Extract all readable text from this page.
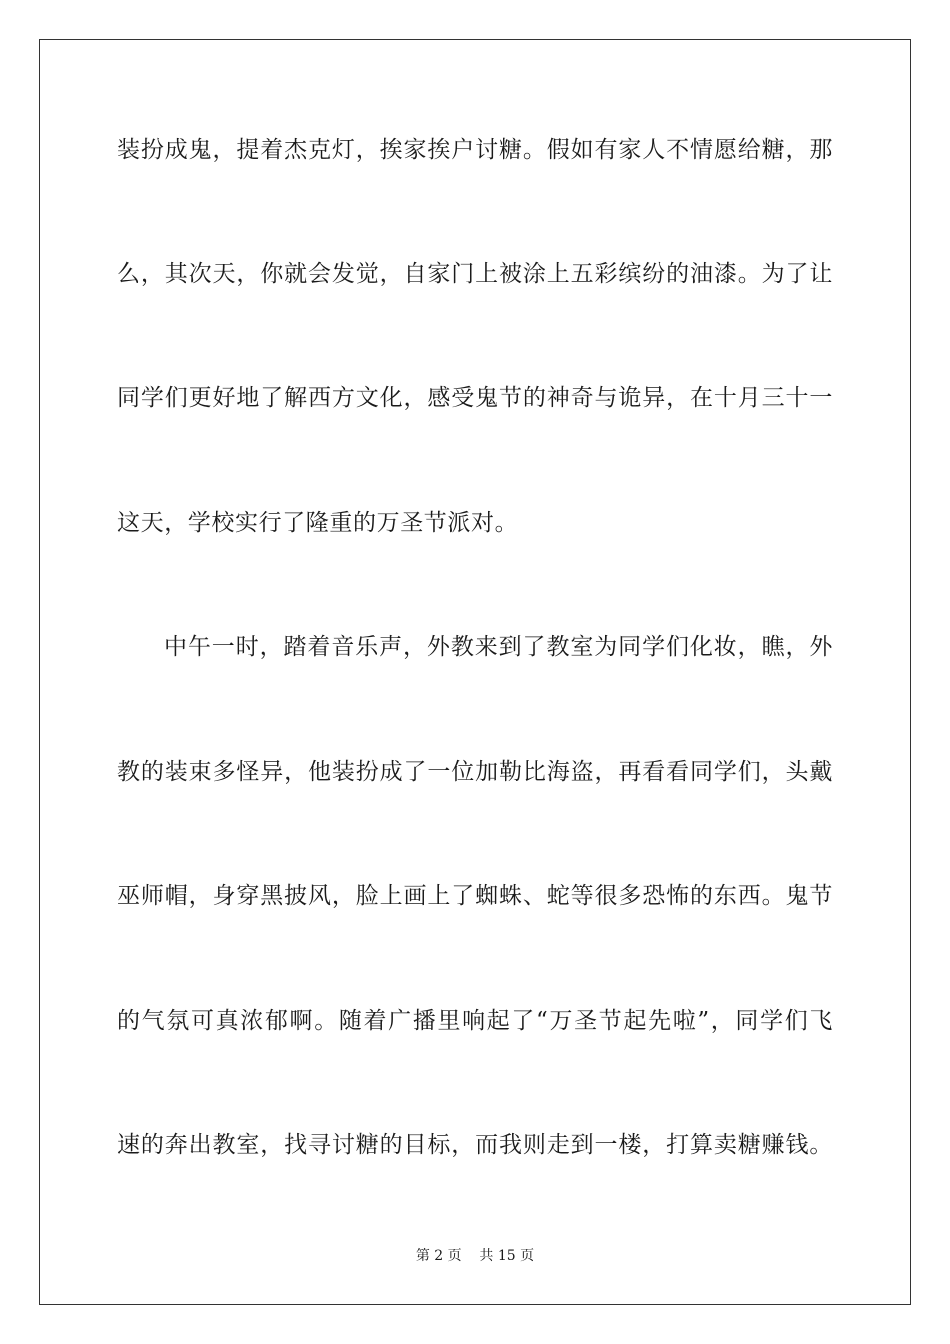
装扮成鬼，提着杰克灯，挨家挨户讨糖。假如有家人不情愿给糖，那
么，其次天，你就会发觉，自家门上被涂上五彩缤纷的油漆。为了让
同学们更好地了解西方文化，感受鬼节的神奇与诡异，在十月三十一
这天，学校实行了隆重的万圣节派对。
中午一时，踏着音乐声，外教来到了教室为同学们化妆，瞧，外
教的装束多怪异，他装扮成了一位加勒比海盗，再看看同学们，头戴
巫师帽，身穿黑披风，脸上画上了蜘蛛、蛇等很多恐怖的东西。鬼节
的气氛可真浓郁啊。随着广播里响起了“万圣节起先啦”，同学们飞
速的奔出教室，找寻讨糖的目标，而我则走到一楼，打算卖糖赚钱。
第 2 页    共 15 页
